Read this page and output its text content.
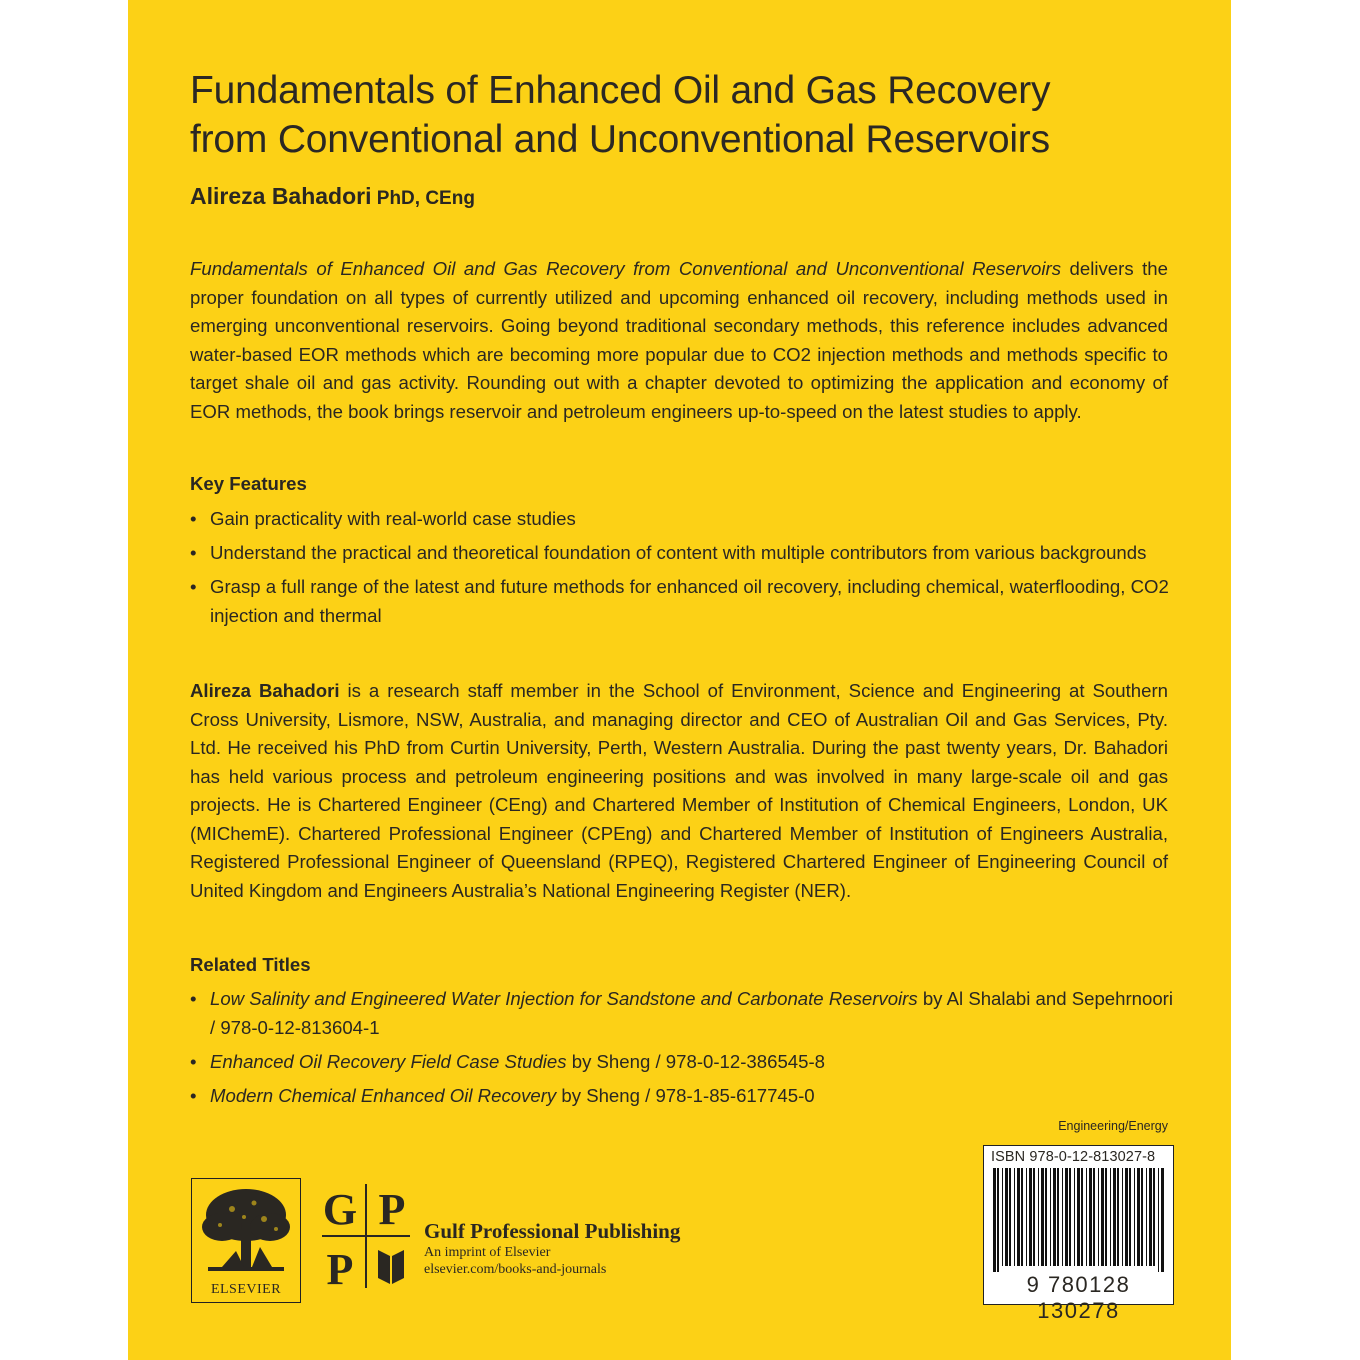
Fundamentals of Enhanced Oil and Gas Recovery
from Conventional and Unconventional Reservoirs
Alireza Bahadori PhD, CEng
Fundamentals of Enhanced Oil and Gas Recovery from Conventional and Unconventional Reservoirs delivers the proper foundation on all types of currently utilized and upcoming enhanced oil recovery, including methods used in emerging unconventional reservoirs. Going beyond traditional secondary methods, this reference includes advanced water-based EOR methods which are becoming more popular due to CO2 injection methods and methods specific to target shale oil and gas activity. Rounding out with a chapter devoted to optimizing the application and economy of EOR methods, the book brings reservoir and petroleum engineers up-to-speed on the latest studies to apply.
Key Features
• Gain practicality with real-world case studies
• Understand the practical and theoretical foundation of content with multiple contributors from various backgrounds
• Grasp a full range of the latest and future methods for enhanced oil recovery, including chemical, waterflooding, CO2 injection and thermal
Alireza Bahadori is a research staff member in the School of Environment, Science and Engineering at Southern Cross University, Lismore, NSW, Australia, and managing director and CEO of Australian Oil and Gas Services, Pty. Ltd. He received his PhD from Curtin University, Perth, Western Australia. During the past twenty years, Dr. Bahadori has held various process and petroleum engineering positions and was involved in many large-scale oil and gas projects. He is Chartered Engineer (CEng) and Chartered Member of Institution of Chemical Engineers, London, UK (MIChemE). Chartered Professional Engineer (CPEng) and Chartered Member of Institution of Engineers Australia, Registered Professional Engineer of Queensland (RPEQ), Registered Chartered Engineer of Engineering Council of United Kingdom and Engineers Australia’s National Engineering Register (NER).
Related Titles
• Low Salinity and Engineered Water Injection for Sandstone and Carbonate Reservoirs by Al Shalabi and Sepehrnoori / 978-0-12-813604-1
• Enhanced Oil Recovery Field Case Studies by Sheng / 978-0-12-386545-8
• Modern Chemical Enhanced Oil Recovery by Sheng / 978-1-85-617745-0
Engineering/Energy
ISBN 978-0-12-813027-8
9 780128 130278
ELSEVIER
G P
P
Gulf Professional Publishing
An imprint of Elsevier
elsevier.com/books-and-journals
